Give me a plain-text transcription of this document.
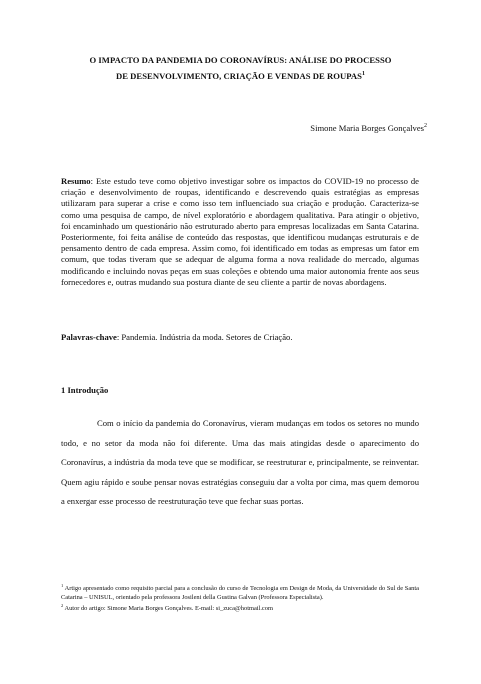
O IMPACTO DA PANDEMIA DO CORONAVÍRUS: ANÁLISE DO PROCESSO
DE DESENVOLVIMENTO, CRIAÇÃO E VENDAS DE ROUPAS$^1$
Simone Maria Borges Gonçalves$^2$
Resumo: Este estudo teve como objetivo investigar sobre os impactos do COVID-19 no processo de criação e desenvolvimento de roupas, identificando e descrevendo quais estratégias as empresas utilizaram para superar a crise e como isso tem influenciado sua criação e produção. Caracteriza-se como uma pesquisa de campo, de nível exploratório e abordagem qualitativa. Para atingir o objetivo, foi encaminhado um questionário não estruturado aberto para empresas localizadas em Santa Catarina. Posteriormente, foi feita análise de conteúdo das respostas, que identificou mudanças estruturais e de pensamento dentro de cada empresa. Assim como, foi identificado em todas as empresas um fator em comum, que todas tiveram que se adequar de alguma forma a nova realidade do mercado, algumas modificando e incluindo novas peças em suas coleções e obtendo uma maior autonomia frente aos seus fornecedores e, outras mudando sua postura diante de seu cliente a partir de novas abordagens.
Palavras-chave: Pandemia. Indústria da moda. Setores de Criação.
1 Introdução
Com o início da pandemia do Coronavírus, vieram mudanças em todos os setores no mundo todo, e no setor da moda não foi diferente. Uma das mais atingidas desde o aparecimento do Coronavírus, a indústria da moda teve que se modificar, se reestruturar e, principalmente, se reinventar. Quem agiu rápido e soube pensar novas estratégias conseguiu dar a volta por cima, mas quem demorou a enxergar esse processo de reestruturação teve que fechar suas portas.

$^1$ Artigo apresentado como requisito parcial para a conclusão do curso de Tecnologia em Design de Moda, da Universidade do Sul de Santa Catarina – UNISUL, orientado pela professora Josileni della Gustina Galvan (Professora Especialista).

$^2$ Autor do artigo: Simone Maria Borges Gonçalves. E-mail: si_zuca@hotmail.com
